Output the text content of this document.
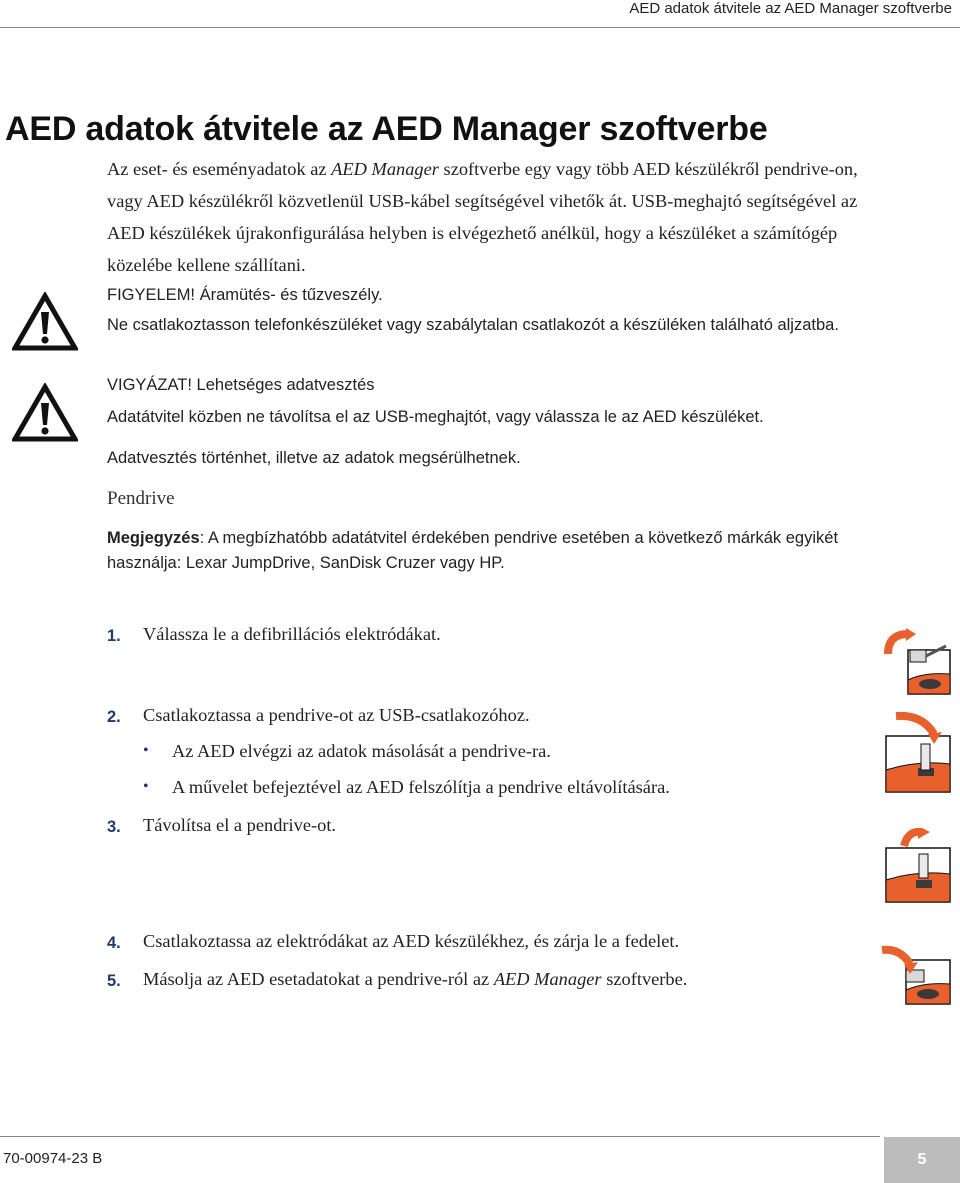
AED adatok átvitele az AED Manager szoftverbe
AED adatok átvitele az AED Manager szoftverbe
Az eset- és eseményadatok az AED Manager szoftverbe egy vagy több AED készülékről pendrive-on,
vagy AED készülékről közvetlenül USB-kábel segítségével vihetők át. USB-meghajtó segítségével az
AED készülékek újrakonfigurálása helyben is elvégezhető anélkül, hogy a készüléket a számítógép
közelébe kellene szállítani.
FIGYELEM! Áramütés- és tűzveszély.
Ne csatlakoztasson telefonkészüléket vagy szabálytalan csatlakozót a készüléken található aljzatba.
VIGYÁZAT! Lehetséges adatvesztés
Adatátvitel közben ne távolítsa el az USB-meghajtót, vagy válassza le az AED készüléket.
Adatvesztés történhet, illetve az adatok megsérülhetnek.
Pendrive
Megjegyzés: A megbízhatóbb adatátvitel érdekében pendrive esetében a következő márkák egyikét
használja: Lexar JumpDrive, SanDisk Cruzer vagy HP.
1. Válassza le a defibrillációs elektródákat.
2. Csatlakoztassa a pendrive-ot az USB-csatlakozóhoz.
• Az AED elvégzi az adatok másolását a pendrive-ra.
• A művelet befejeztével az AED felszólítja a pendrive eltávolítására.
3. Távolítsa el a pendrive-ot.
4. Csatlakoztassa az elektródákat az AED készülékhez, és zárja le a fedelet.
5. Másolja az AED esetadatokat a pendrive-ról az AED Manager szoftverbe.
70-00974-23 B	5
